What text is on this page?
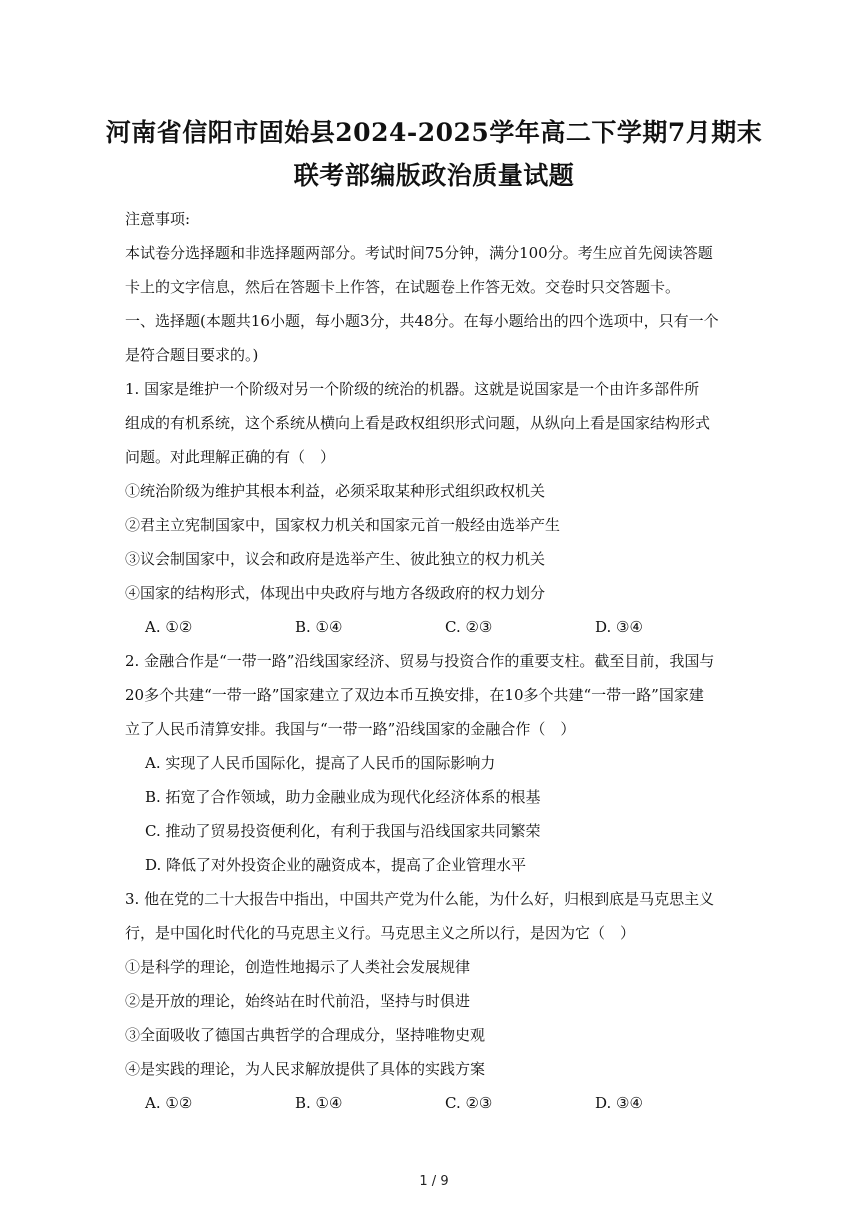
河南省信阳市固始县2024-2025学年高二下学期7月期末
联考部编版政治质量试题
注意事项:
本试卷分选择题和非选择题两部分。考试时间75分钟，满分100分。考生应首先阅读答题
卡上的文字信息，然后在答题卡上作答，在试题卷上作答无效。交卷时只交答题卡。
一、选择题(本题共16小题，每小题3分，共48分。在每小题给出的四个选项中，只有一个
是符合题目要求的。)
1. 国家是维护一个阶级对另一个阶级的统治的机器。这就是说国家是一个由许多部件所
组成的有机系统，这个系统从横向上看是政权组织形式问题，从纵向上看是国家结构形式
问题。对此理解正确的有（　）
①统治阶级为维护其根本利益，必须采取某种形式组织政权机关
②君主立宪制国家中，国家权力机关和国家元首一般经由选举产生
③议会制国家中，议会和政府是选举产生、彼此独立的权力机关
④国家的结构形式，体现出中央政府与地方各级政府的权力划分
A. ①②	B. ①④	C. ②③	D. ③④
2. 金融合作是“一带一路”沿线国家经济、贸易与投资合作的重要支柱。截至目前，我国与
20多个共建“一带一路”国家建立了双边本币互换安排，在10多个共建“一带一路”国家建
立了人民币清算安排。我国与“一带一路”沿线国家的金融合作（　）
A. 实现了人民币国际化，提高了人民币的国际影响力
B. 拓宽了合作领域，助力金融业成为现代化经济体系的根基
C. 推动了贸易投资便利化，有利于我国与沿线国家共同繁荣
D. 降低了对外投资企业的融资成本，提高了企业管理水平
3. 他在党的二十大报告中指出，中国共产党为什么能，为什么好，归根到底是马克思主义
行，是中国化时代化的马克思主义行。马克思主义之所以行，是因为它（　）
①是科学的理论，创造性地揭示了人类社会发展规律
②是开放的理论，始终站在时代前沿，坚持与时俱进
③全面吸收了德国古典哲学的合理成分，坚持唯物史观
④是实践的理论，为人民求解放提供了具体的实践方案
A. ①②	B. ①④	C. ②③	D. ③④
1 / 9
